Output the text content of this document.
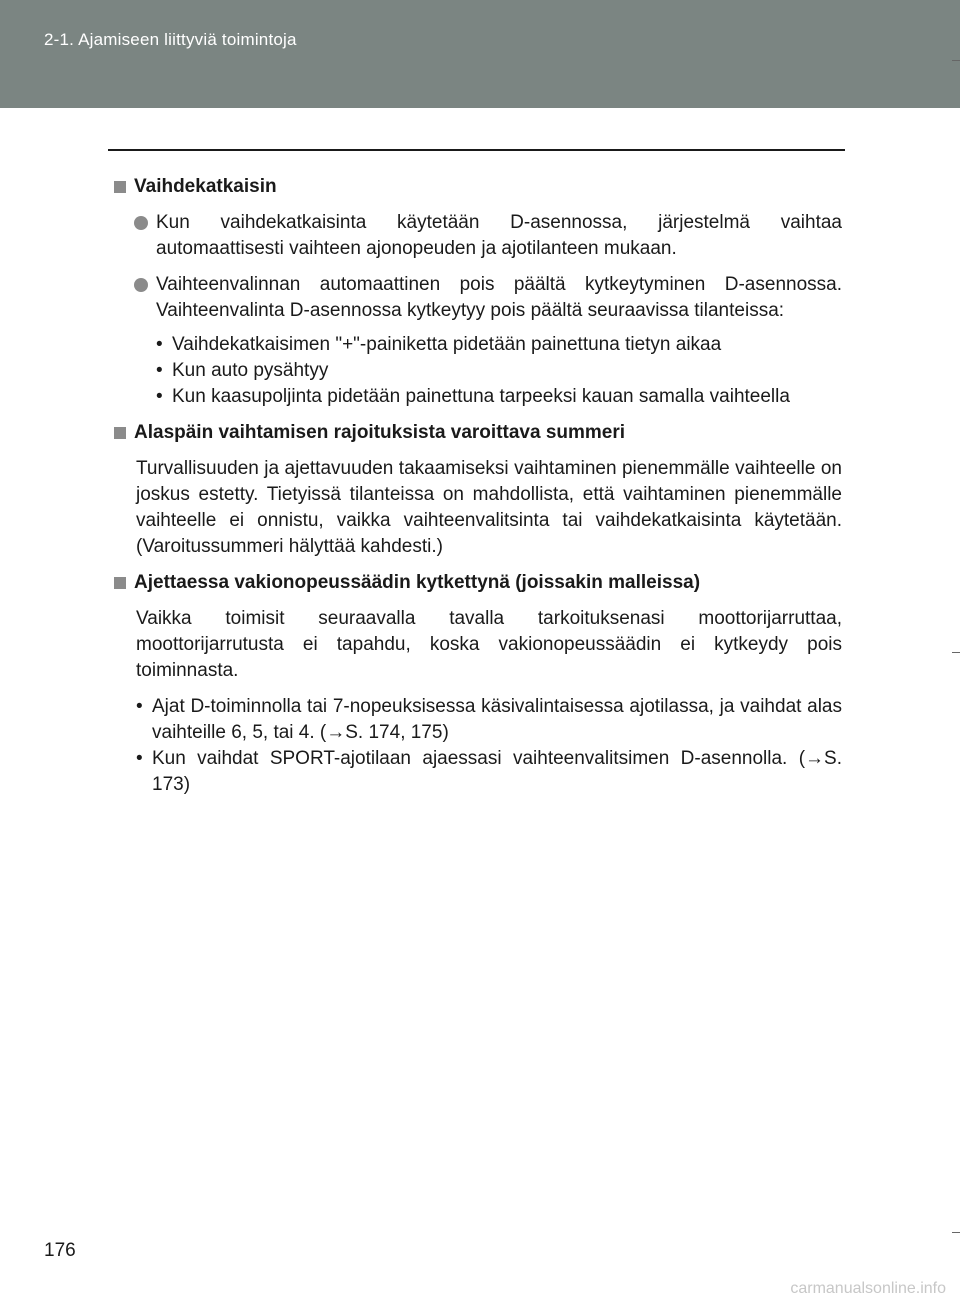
2-1. Ajamiseen liittyviä toimintoja
Vaihdekatkaisin
Kun vaihdekatkaisinta käytetään D-asennossa, järjestelmä vaihtaa automaattisesti vaihteen ajonopeuden ja ajotilanteen mukaan.
Vaihteenvalinnan automaattinen pois päältä kytkeytyminen D-asennossa. Vaihteenvalinta D-asennossa kytkeytyy pois päältä seuraavissa tilanteissa:
• Vaihdekatkaisimen "+"-painiketta pidetään painettuna tietyn aikaa
• Kun auto pysähtyy
• Kun kaasupoljinta pidetään painettuna tarpeeksi kauan samalla vaihteella
Alaspäin vaihtamisen rajoituksista varoittava summeri
Turvallisuuden ja ajettavuuden takaamiseksi vaihtaminen pienemmälle vaihteelle on joskus estetty. Tietyissä tilanteissa on mahdollista, että vaihtaminen pienemmälle vaihteelle ei onnistu, vaikka vaihteenvalitsinta tai vaihdekatkaisinta käytetään. (Varoitussummeri hälyttää kahdesti.)
Ajettaessa vakionopeussäädin kytkettynä (joissakin malleissa)
Vaikka toimisit seuraavalla tavalla tarkoituksenasi moottorijarruttaa, moottorijarrutusta ei tapahdu, koska vakionopeussäädin ei kytkeydy pois toiminnasta.
• Ajat D-toiminnolla tai 7-nopeuksisessa käsivalintaisessa ajotilassa, ja vaihdat alas vaihteille 6, 5, tai 4. (→S. 174, 175)
• Kun vaihdat SPORT-ajotilaan ajaessasi vaihteenvalitsimen D-asennolla. (→S. 173)
176
carmanualsonline.info
